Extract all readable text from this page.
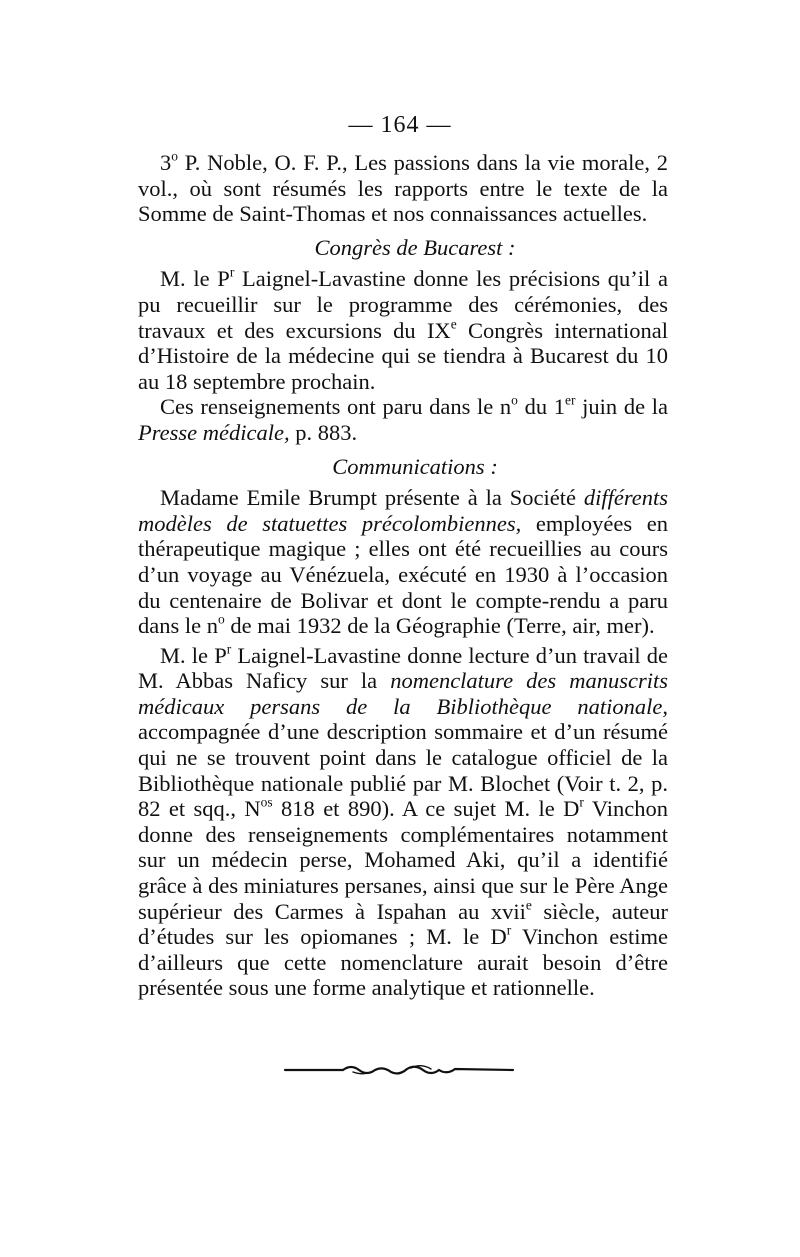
— 164 —

3$^o$ P. Noble, O. F. P., Les passions dans la vie morale, 2 vol., où sont résumés les rapports entre le texte de la Somme de Saint-Thomas et nos connaissances actuelles.

Congrès de Bucarest :

M. le $P^r$ Laignel-Lavastine donne les précisions qu’il a pu recueillir sur le programme des cérémonies, des travaux et des excursions du IXe Congrès international d’Histoire de la médecine qui se tiendra à Bucarest du 10 au 18 septembre prochain.

Ces renseignements ont paru dans le $n^o$ du 1er juin de la Presse médicale, p. 883.

Communications :

Madame Emile Brumpt présente à la Société différents modèles de statuettes précolombiennes, employées en thérapeutique magique ; elles ont été recueillies au cours d’un voyage au Vénézuela, exécuté en 1930 à l’occasion du centenaire de Bolivar et dont le compte-rendu a paru dans le $n^o$ de mai 1932 de la Géographie (Terre, air, mer).

M. le $P^r$ Laignel-Lavastine donne lecture d’un travail de M. Abbas Naficy sur la nomenclature des manuscrits médicaux persans de la Bibliothèque nationale, accompagnée d’une description sommaire et d’un résumé qui ne se trouvent point dans le catalogue officiel de la Bibliothèque nationale publié par M. Blochet (Voir t. 2, p. 82 et sqq., $N^{os}$ 818 et 890). A ce sujet M. le $D^r$ Vinchon donne des renseignements complémentaires notamment sur un médecin perse, Mohamed Aki, qu’il a identifié grâce à des miniatures persanes, ainsi que sur le Père Ange supérieur des Carmes à Ispahan au xvii$^e$ siècle, auteur d’études sur les opiomanes ; M. le $D^r$ Vinchon estime d’ailleurs que cette nomenclature aurait besoin d’être présentée sous une forme analytique et rationnelle.
